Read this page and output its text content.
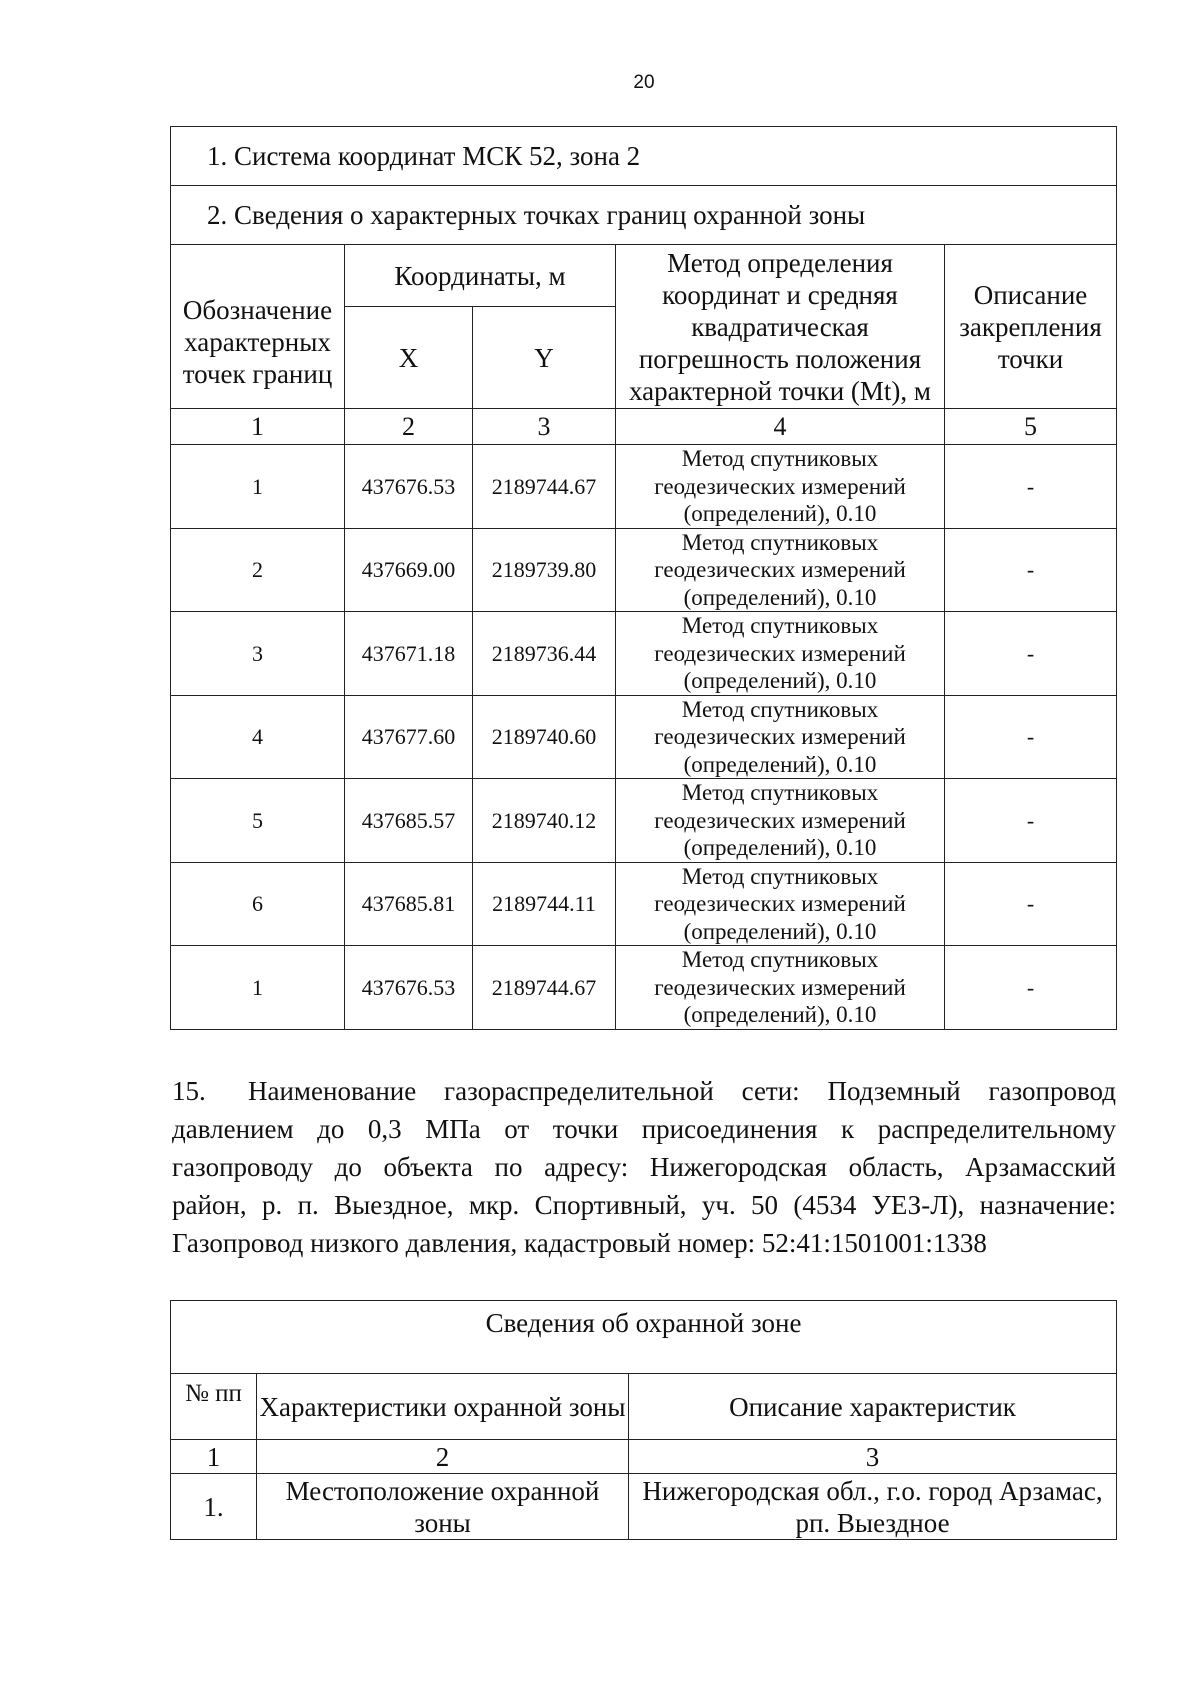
20
1. Система координат МСК 52, зона 2				
2. Сведения о характерных точках границ охранной зоны				
Обозначение характерных точек границ	Координаты, м		Метод определения координат и средняя квадратическая погрешность положения характерной точки (Mt), м	Описание закрепления точки
	X	Y		
1	2	3	4	5
1	437676.53	2189744.67	Метод спутниковых геодезических измерений (определений), 0.10	-
2	437669.00	2189739.80	Метод спутниковых геодезических измерений (определений), 0.10	-
3	437671.18	2189736.44	Метод спутниковых геодезических измерений (определений), 0.10	-
4	437677.60	2189740.60	Метод спутниковых геодезических измерений (определений), 0.10	-
5	437685.57	2189740.12	Метод спутниковых геодезических измерений (определений), 0.10	-
6	437685.81	2189744.11	Метод спутниковых геодезических измерений (определений), 0.10	-
1	437676.53	2189744.67	Метод спутниковых геодезических измерений (определений), 0.10	-
15. Наименование газораспределительной сети: Подземный газопровод
давлением до 0,3 МПа от точки присоединения к распределительному
газопроводу до объекта по адресу: Нижегородская область, Арзамасский
район, р. п. Выездное, мкр. Спортивный, уч. 50 (4534 УЕЗ-Л), назначение:
Газопровод низкого давления, кадастровый номер: 52:41:1501001:1338
Сведения об охранной зоне		
№ пп	Характеристики охранной зоны	Описание характеристик
1	2	3
1.	Местоположение охранной зоны	Нижегородская обл., г.о. город Арзамас, рп. Выездное
